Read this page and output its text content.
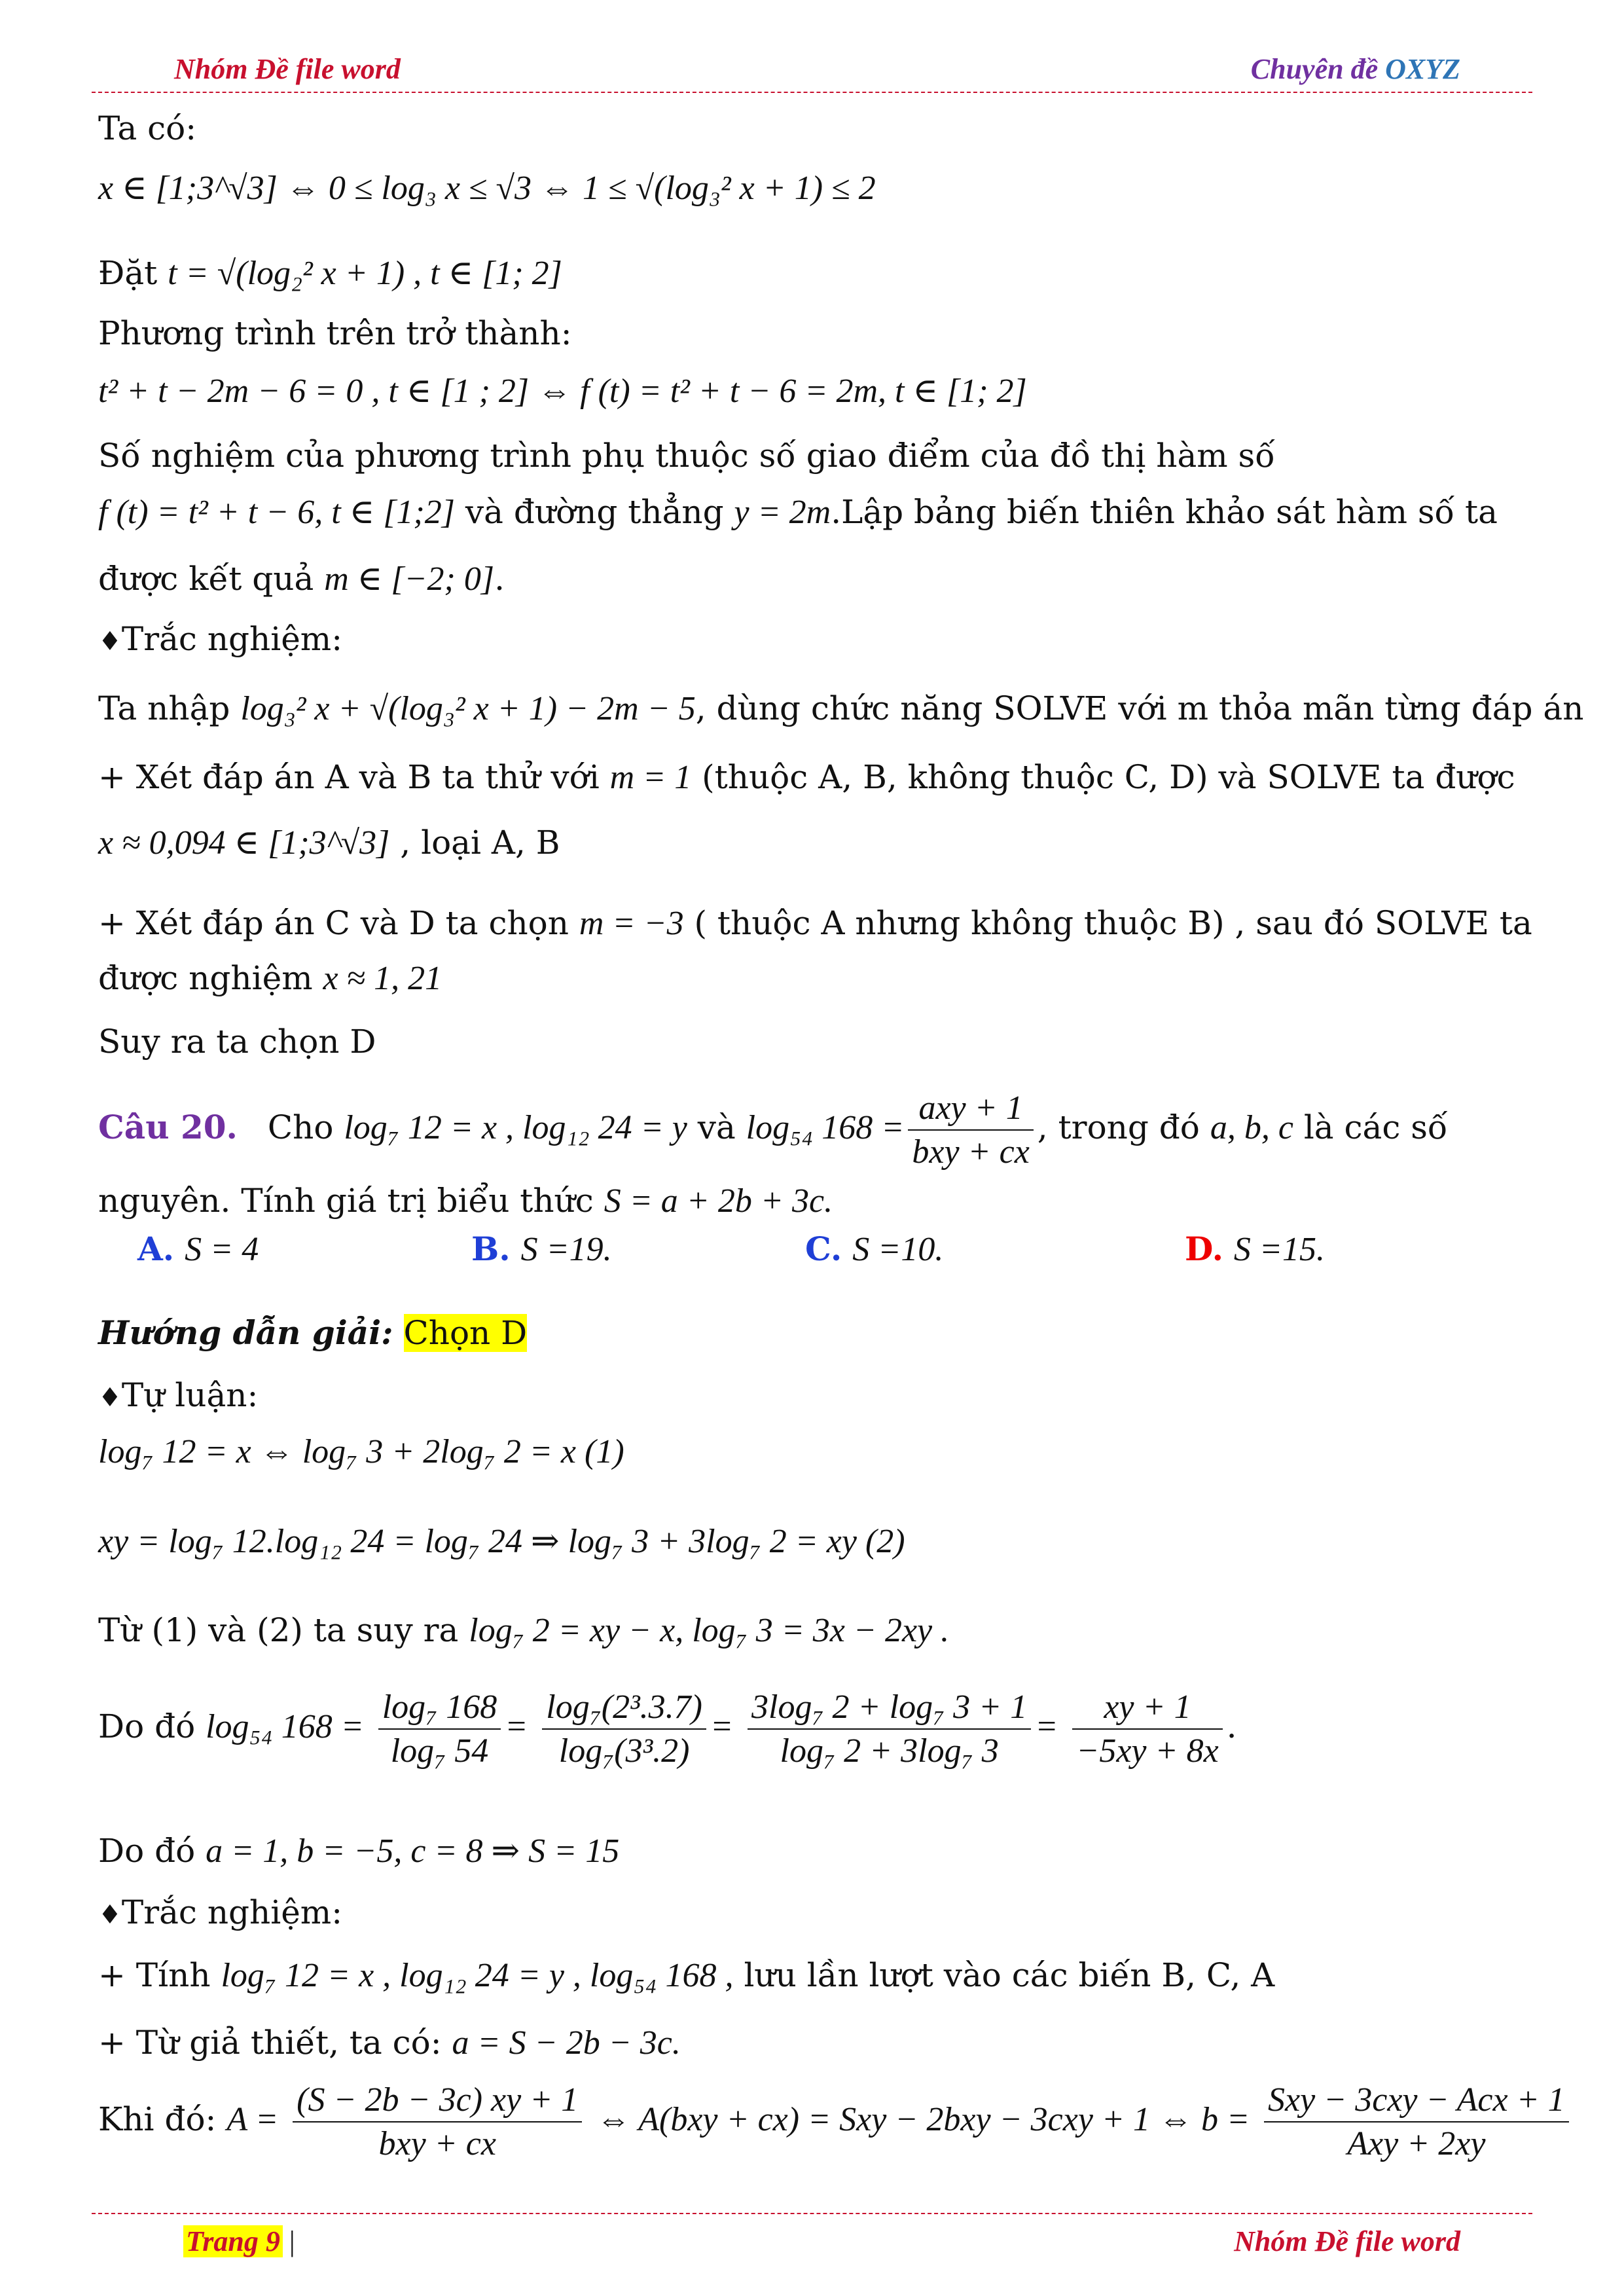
Nhóm Đề file word	Chuyên đề OXYZ
Ta có:
x ∈ [1;3^√3] ⇔ 0 ≤ log₃ x ≤ √3 ⇔ 1 ≤ √(log₃² x + 1) ≤ 2
Đặt t = √(log₂² x + 1) , t ∈ [1; 2]
Phương trình trên trở thành:
t² + t − 2m − 6 = 0 , t ∈ [1 ; 2] ⇔ f (t) = t² + t − 6 = 2m, t ∈ [1; 2]
Số nghiệm của phương trình phụ thuộc số giao điểm của đồ thị hàm số
f (t) = t² + t − 6, t ∈ [1;2] và đường thẳng y = 2m.Lập bảng biến thiên khảo sát hàm số ta
được kết quả m ∈ [−2; 0].
♦Trắc nghiệm:
Ta nhập log₃² x + √(log₃² x + 1) − 2m − 5, dùng chức năng SOLVE với m thỏa mãn từng đáp án
+ Xét đáp án A và B ta thử với m = 1 (thuộc A, B, không thuộc C, D) và SOLVE ta được
x ≈ 0,094 ∈ [1;3^√3] , loại A, B
+ Xét đáp án C và D ta chọn m = −3 ( thuộc A nhưng không thuộc B) , sau đó SOLVE ta
được nghiệm x ≈ 1, 21
Suy ra ta chọn D
Câu 20. Cho log₇ 12 = x , log₁₂ 24 = y và log₅₄ $168 = \frac{\text{axy + 1}}{\text{bxy + cx}}$ , trong đó a, b, c là các số
nguyên. Tính giá trị biểu thức S = a + 2b + 3c.
A. S = 4	B. S =19.	C. S =10.	D. S =15.
Hướng dẫn giải: Chọn D
♦Tự luận:
log₇ 12 = x ⇔ log₇ 3 + 2log₇ 2 = x (1)
xy = log₇ 12.log₁₂ 24 = log₇ 24 ⇒ log₇ 3 + 3log₇ 2 = xy (2)
Từ (1) và (2) ta suy ra log₇ 2 = xy − x, log₇ 3 = 3x − 2xy .
Do đó log₅₄ $168 = \frac{\text{log₇ 168}}{\text{log₇ 54}} = \frac{\text{log₇(2³.3.7)}}{\text{log₇(3³.2)}} = \frac{\text{3log₇ 2 + log₇ 3 + 1}}{\text{log₇ 2 + 3log₇ 3}} = \frac{xy + 1}{-5xy + 8x}$ .
Do đó a = 1, b = −5, c = 8 ⇒ S = 15
♦Trắc nghiệm:
+ Tính log₇ 12 = x , log₁₂ 24 = y , log₅₄ 168 , lưu lần lượt vào các biến B, C, A
+ Từ giả thiết, ta có: a = S − 2b − 3c.
Khi đó: $A = \frac{(S - 2b - 3c) xy + 1}{\text{bxy + cx}}$ ⇔ A(bxy + cx) = Sxy − 2bxy − 3cxy + 1 ⇔ $b = \frac{\text{Sxy − 3cxy − Acx + 1}}{\text{Axy + 2xy}}$
Trang 9 |	Nhóm Đề file word
